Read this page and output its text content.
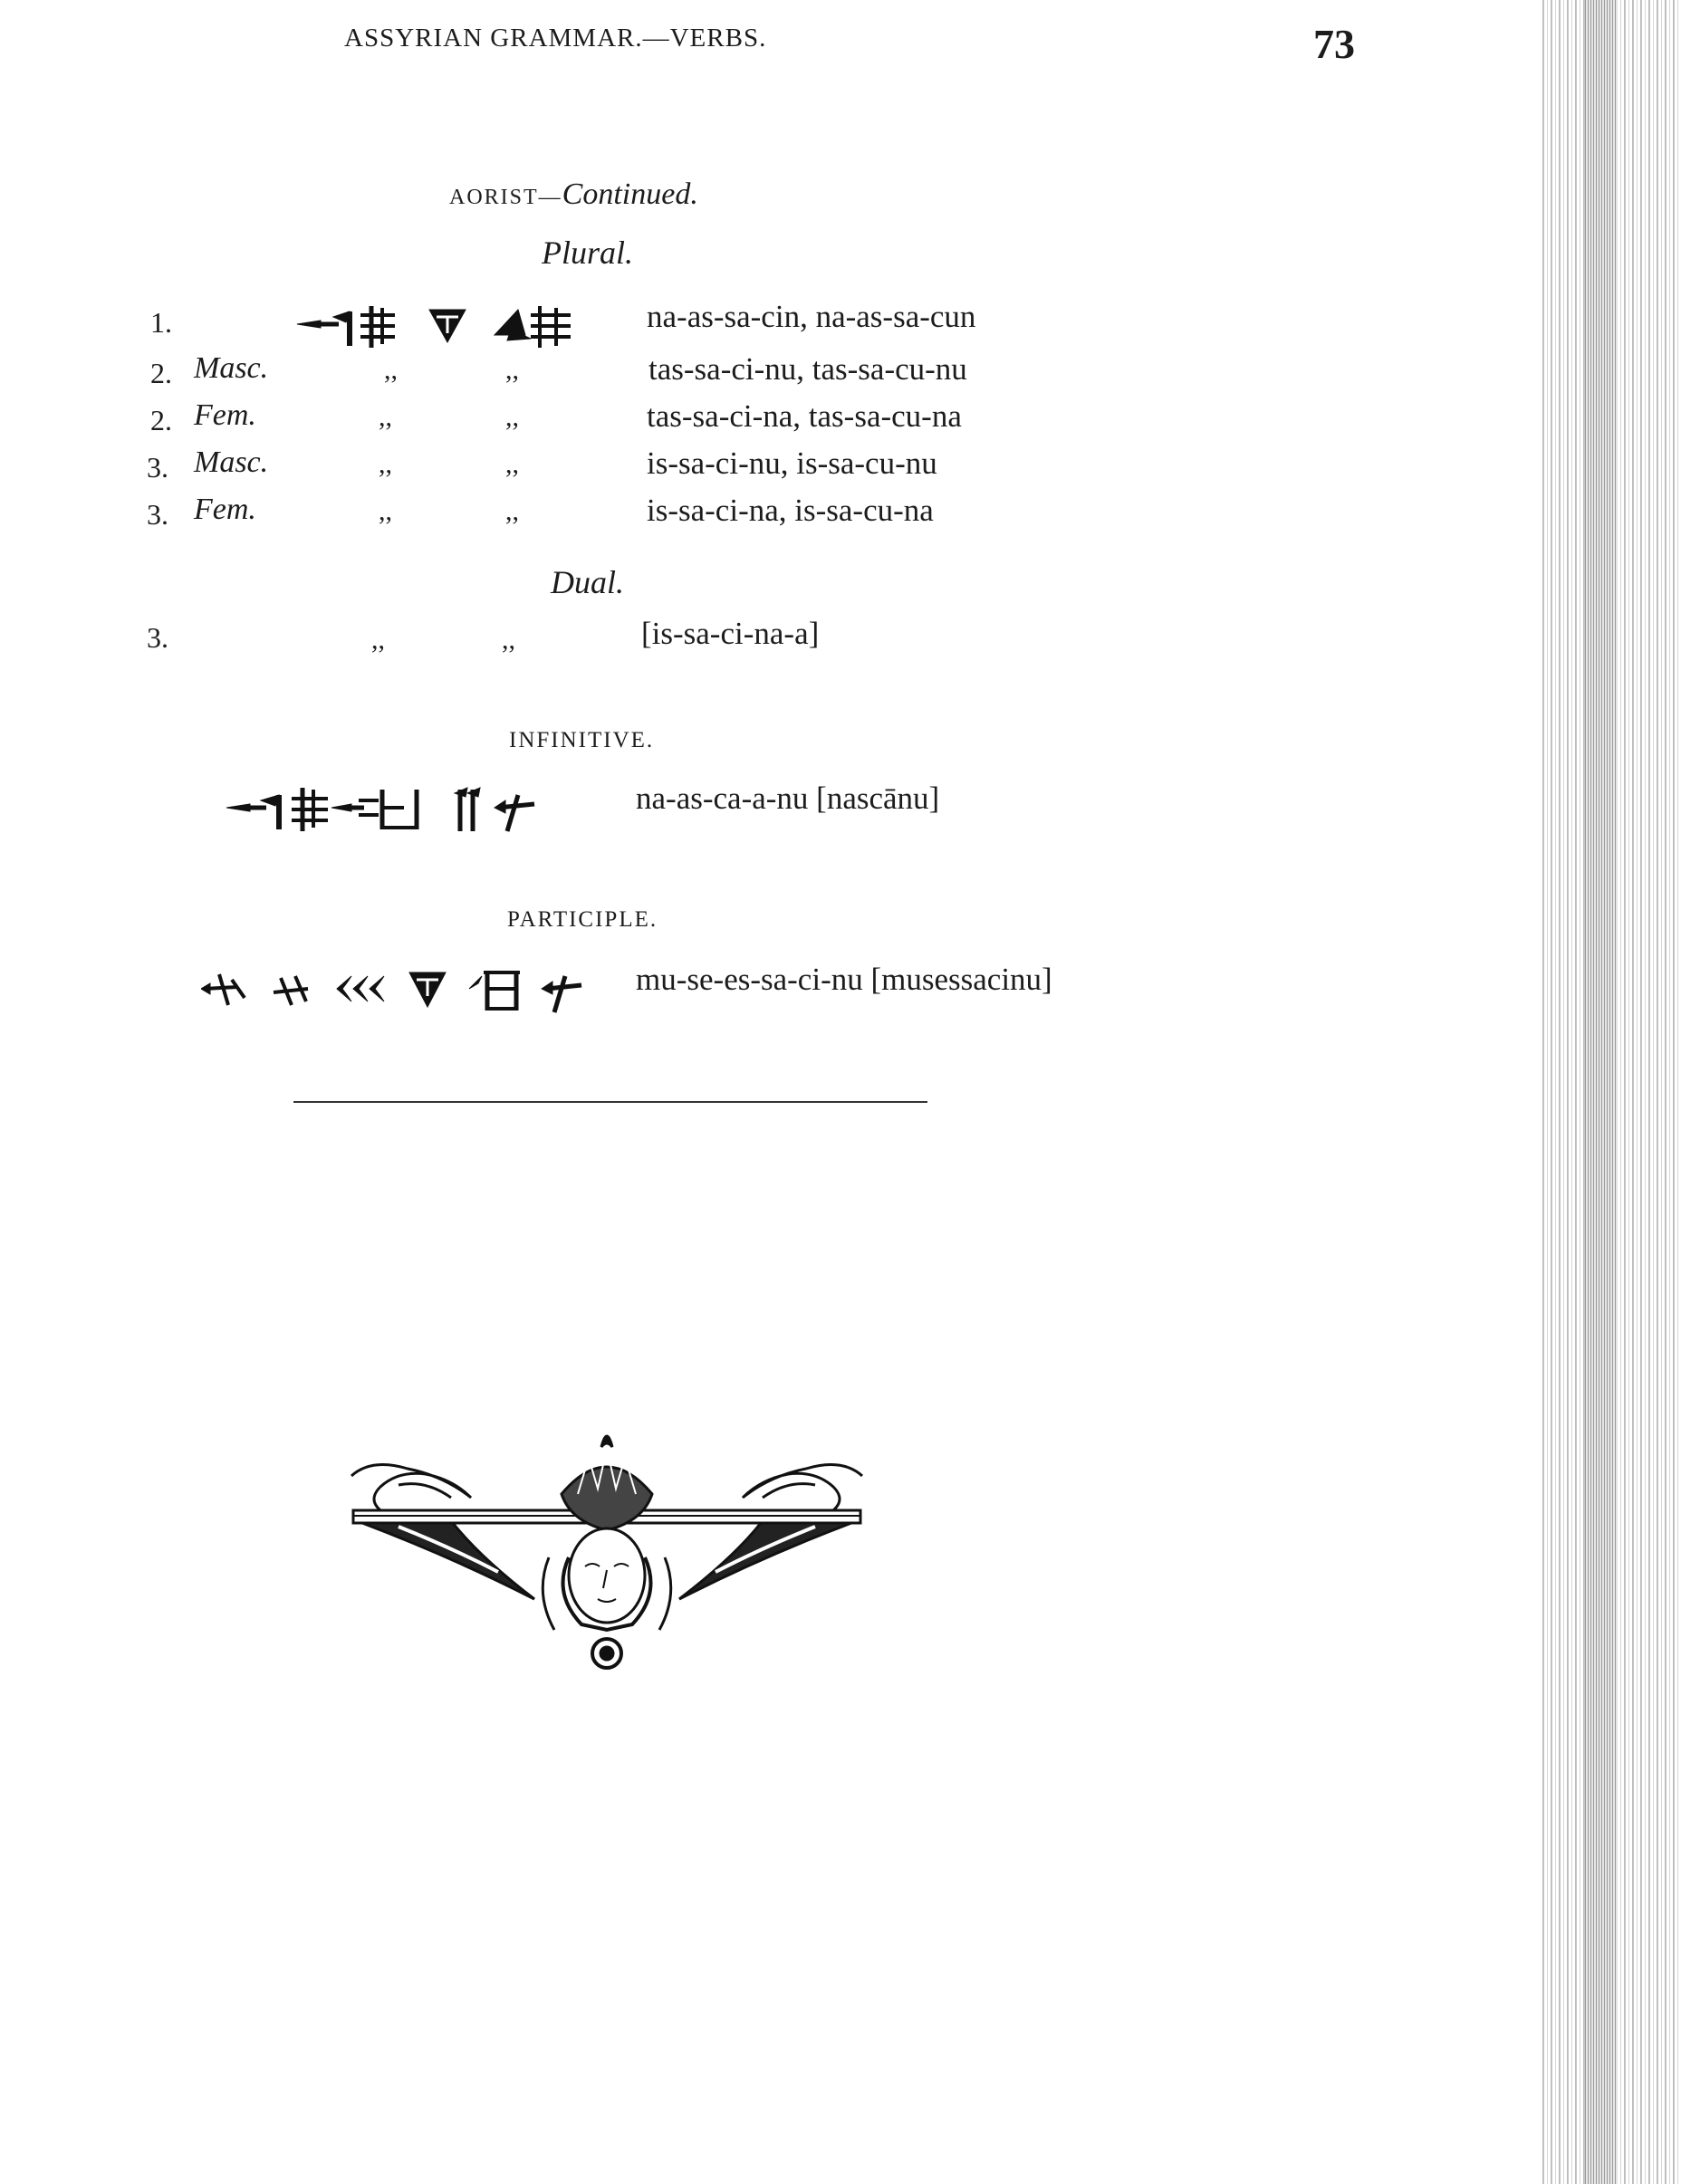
ASSYRIAN GRAMMAR.—VERBS.	73
AORIST—Continued.
Plural.
1.	na-as-sa-cin, na-as-sa-cun
2. Masc.	,,	,,	tas-sa-ci-nu, tas-sa-cu-nu
2. Fem.	,,	,,	tas-sa-ci-na, tas-sa-cu-na
3. Masc.	,,	,,	is-sa-ci-nu, is-sa-cu-nu
3. Fem.	,,	,,	is-sa-ci-na, is-sa-cu-na
Dual.
3.	,,	,,	[is-sa-ci-na-a]
INFINITIVE.
na-as-ca-a-nu [nascānu]
PARTICIPLE.
mu-se-es-sa-ci-nu [musessacinu]
